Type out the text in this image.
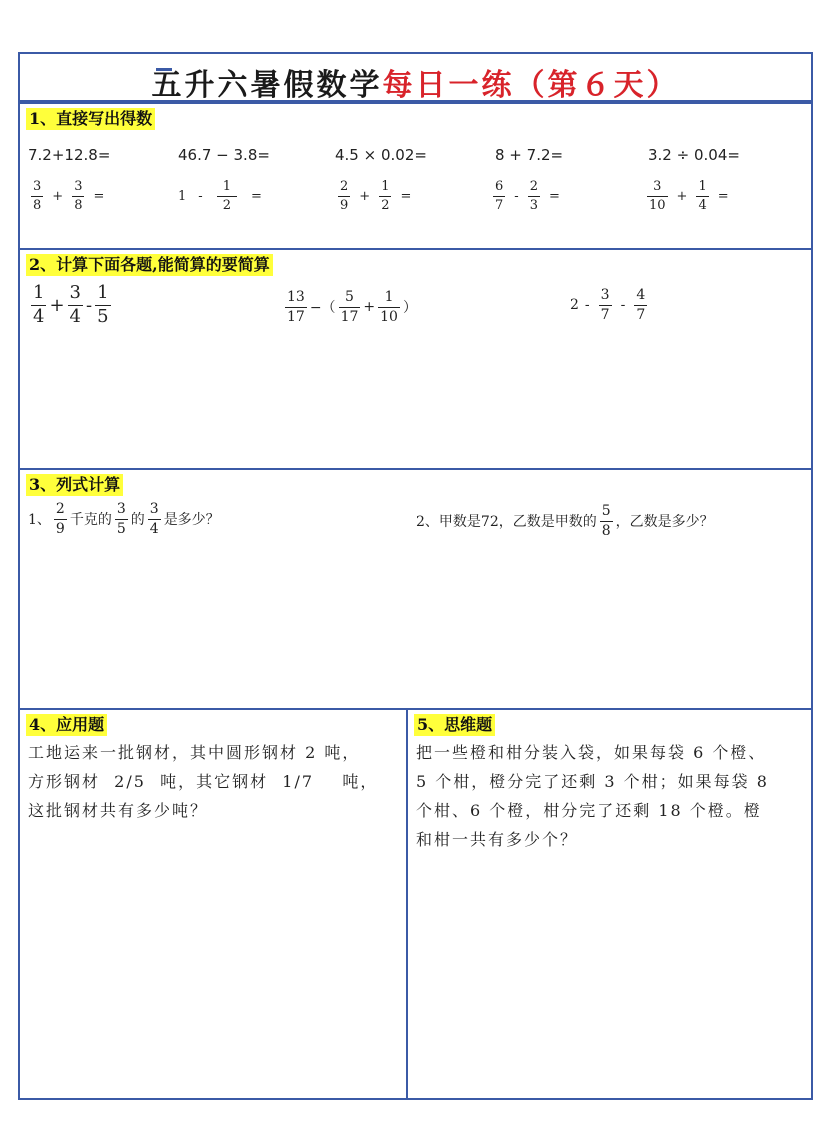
五升六暑假数学每日一练（第６天）
1、直接写出得数
7.2+12.8=	46.7 − 3.8=	4.5 × 0.02=	8 + 7.2=	3.2 ÷ 0.04=
$\frac{3}{8} + \frac{3}{8}$ =	$1 - \frac{1}{2}$ =	$\frac{2}{9} + \frac{1}{2}$ =	$\frac{6}{7} - \frac{2}{3}$ =	$\frac{3}{10} + \frac{1}{4}$ =
2、计算下面各题,能简算的要简算
$\frac{1}{4} + \frac{3}{4} - \frac{1}{5}$	$\frac{13}{17}$ −（ $\frac{5}{17} + \frac{1}{10}$ ）	$2 - \frac{3}{7} - \frac{4}{7}$
3、列式计算
1、 $\frac{2}{9}$ 千克的 $\frac{3}{5}$ 的 $\frac{3}{4}$ 是多少？	2、甲数是72，乙数是甲数的 $\frac{5}{8}$ ，乙数是多少？
4、应用题
工地运来一批钢材，其中圆形钢材 2 吨，
方形钢材  2/5  吨，其它钢材  1/7    吨，
这批钢材共有多少吨？
5、思维题
把一些橙和柑分装入袋，如果每袋 6 个橙、
5 个柑，橙分完了还剩 3 个柑；如果每袋 8
个柑、6 个橙，柑分完了还剩 18 个橙。橙
和柑一共有多少个？
